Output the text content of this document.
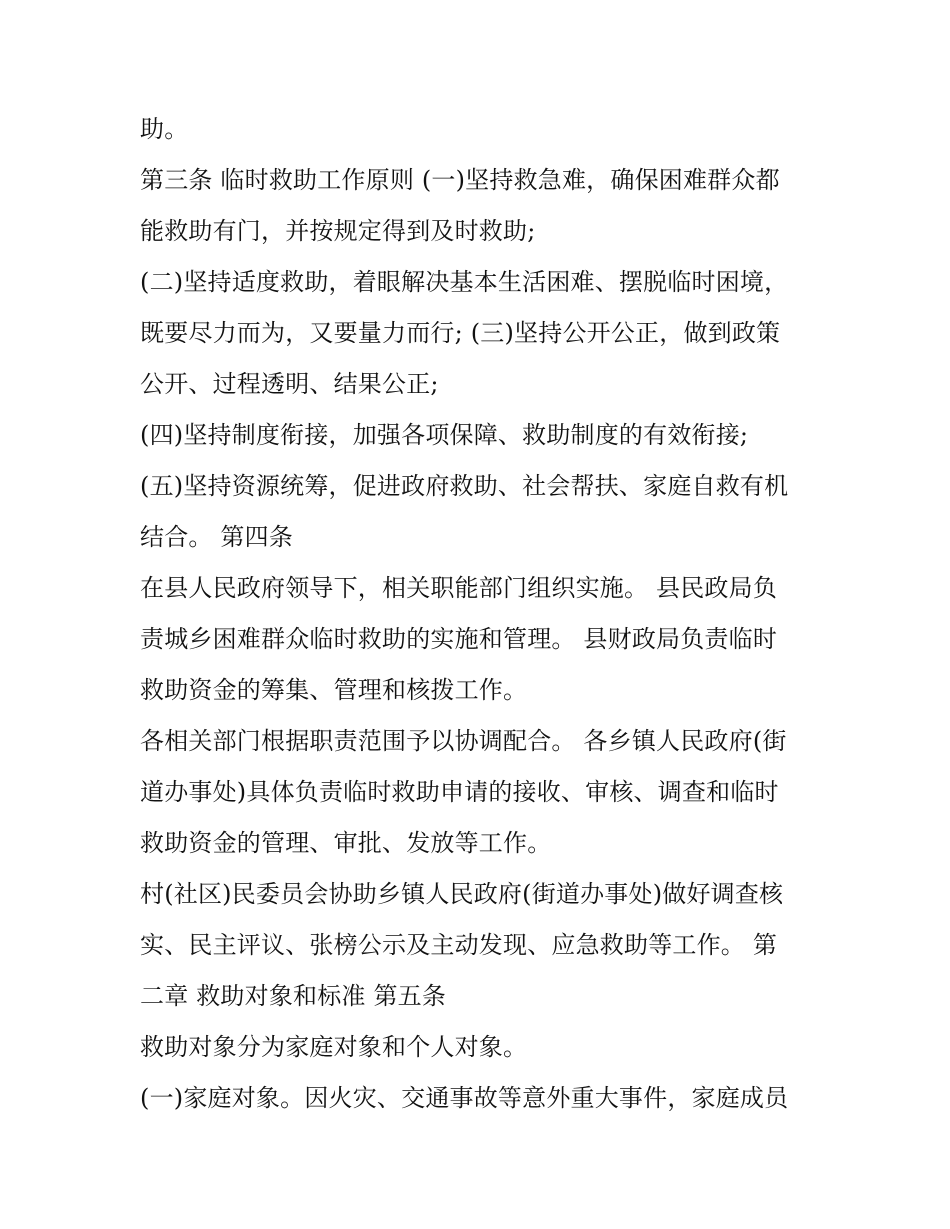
助。
第三条 临时救助工作原则 (一)坚持救急难，确保困难群众都
能救助有门，并按规定得到及时救助;
(二)坚持适度救助，着眼解决基本生活困难、摆脱临时困境，
既要尽力而为，又要量力而行; (三)坚持公开公正，做到政策
公开、过程透明、结果公正;
(四)坚持制度衔接，加强各项保障、救助制度的有效衔接;
(五)坚持资源统筹，促进政府救助、社会帮扶、家庭自救有机
结合。 第四条
在县人民政府领导下，相关职能部门组织实施。 县民政局负
责城乡困难群众临时救助的实施和管理。 县财政局负责临时
救助资金的筹集、管理和核拨工作。
各相关部门根据职责范围予以协调配合。 各乡镇人民政府(街
道办事处)具体负责临时救助申请的接收、审核、调查和临时
救助资金的管理、审批、发放等工作。
村(社区)民委员会协助乡镇人民政府(街道办事处)做好调查核
实、民主评议、张榜公示及主动发现、应急救助等工作。 第
二章 救助对象和标准 第五条
救助对象分为家庭对象和个人对象。
(一)家庭对象。因火灾、交通事故等意外重大事件，家庭成员
